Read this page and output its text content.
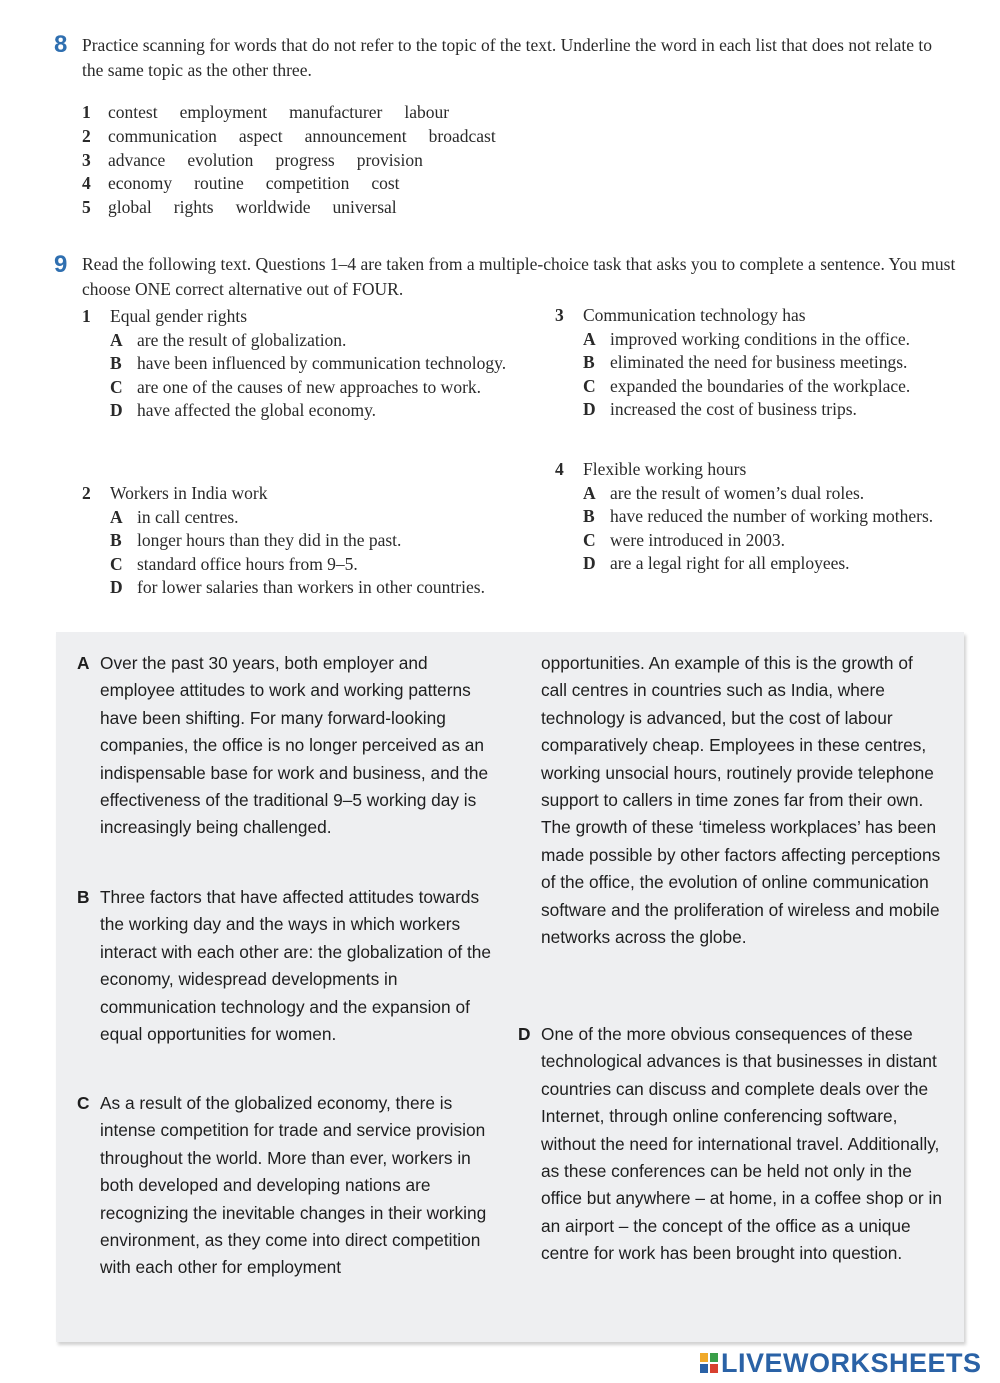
8 Practice scanning for words that do not refer to the topic of the text. Underline the word in each list that does not relate to the same topic as the other three.
1 contest employment manufacturer labour
2 communication aspect announcement broadcast
3 advance evolution progress provision
4 economy routine competition cost
5 global rights worldwide universal
9 Read the following text. Questions 1–4 are taken from a multiple-choice task that asks you to complete a sentence. You must choose ONE correct alternative out of FOUR.
1 Equal gender rights
A are the result of globalization.
B have been influenced by communication technology.
C are one of the causes of new approaches to work.
D have affected the global economy.
2 Workers in India work
A in call centres.
B longer hours than they did in the past.
C standard office hours from 9–5.
D for lower salaries than workers in other countries.
3 Communication technology has
A improved working conditions in the office.
B eliminated the need for business meetings.
C expanded the boundaries of the workplace.
D increased the cost of business trips.
4 Flexible working hours
A are the result of women’s dual roles.
B have reduced the number of working mothers.
C were introduced in 2003.
D are a legal right for all employees.
A Over the past 30 years, both employer and employee attitudes to work and working patterns have been shifting. For many forward-looking companies, the office is no longer perceived as an indispensable base for work and business, and the effectiveness of the traditional 9–5 working day is increasingly being challenged.
B Three factors that have affected attitudes towards the working day and the ways in which workers interact with each other are: the globalization of the economy, widespread developments in communication technology and the expansion of equal opportunities for women.
C As a result of the globalized economy, there is intense competition for trade and service provision throughout the world. More than ever, workers in both developed and developing nations are recognizing the inevitable changes in their working environment, as they come into direct competition with each other for employment
opportunities. An example of this is the growth of call centres in countries such as India, where technology is advanced, but the cost of labour comparatively cheap. Employees in these centres, working unsocial hours, routinely provide telephone support to callers in time zones far from their own. The growth of these ‘timeless workplaces’ has been made possible by other factors affecting perceptions of the office, the evolution of online communication software and the proliferation of wireless and mobile networks across the globe.
D One of the more obvious consequences of these technological advances is that businesses in distant countries can discuss and complete deals over the Internet, through online conferencing software, without the need for international travel. Additionally, as these conferences can be held not only in the office but anywhere – at home, in a coffee shop or in an airport – the concept of the office as a unique centre for work has been brought into question.
LIVEWORKSHEETS
